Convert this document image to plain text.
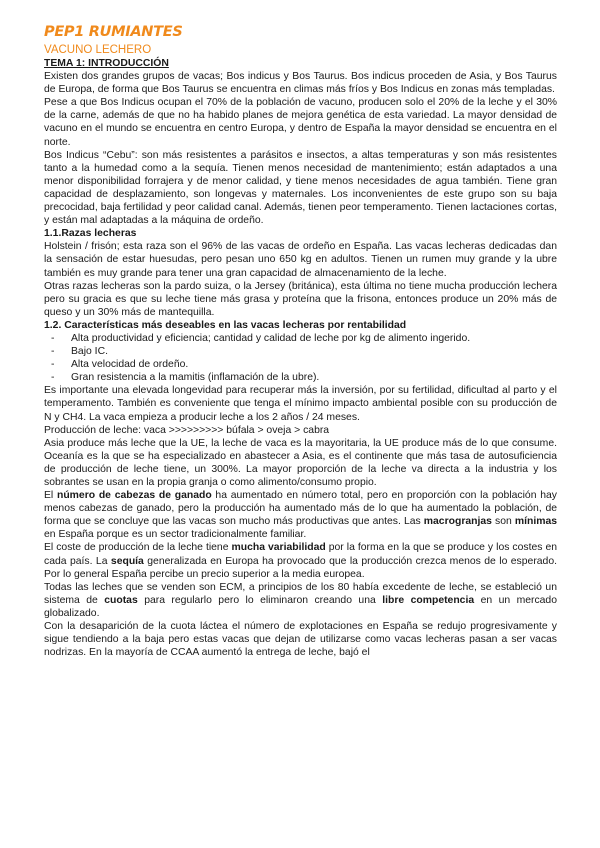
PEP1 RUMIANTES
VACUNO LECHERO
TEMA 1: INTRODUCCIÓN

Existen dos grandes grupos de vacas; Bos indicus y Bos Taurus. Bos indicus proceden de Asia, y Bos Taurus de Europa, de forma que Bos Taurus se encuentra en climas más fríos y Bos Indicus en zonas más templadas.

Pese a que Bos Indicus ocupan el 70% de la población de vacuno, producen solo el 20% de la leche y el 30% de la carne, además de que no ha habido planes de mejora genética de esta variedad. La mayor densidad de vacuno en el mundo se encuentra en centro Europa, y dentro de España la mayor densidad se encuentra en el norte.

Bos Indicus “Cebu”: son más resistentes a parásitos e insectos, a altas temperaturas y son más resistentes tanto a la humedad como a la sequía. Tienen menos necesidad de mantenimiento; están adaptados a una menor disponibilidad forrajera y de menor calidad, y tiene menos necesidades de agua también. Tiene gran capacidad de desplazamiento, son longevas y maternales. Los inconvenientes de este grupo son su baja precocidad, baja fertilidad y peor calidad canal. Además, tienen peor temperamento. Tienen lactaciones cortas, y están mal adaptadas a la máquina de ordeño.

1.1.Razas lecheras

Holstein / frisón; esta raza son el 96% de las vacas de ordeño en España. Las vacas lecheras dedicadas dan la sensación de estar huesudas, pero pesan uno 650 kg en adultos. Tienen un rumen muy grande y la ubre también es muy grande para tener una gran capacidad de almacenamiento de la leche.

Otras razas lecheras son la pardo suiza, o la Jersey (británica), esta última no tiene mucha producción lechera pero su gracia es que su leche tiene más grasa y proteína que la frisona, entonces produce un 20% más de queso y un 30% más de mantequilla.

1.2. Características más deseables en las vacas lecheras por rentabilidad
- Alta productividad y eficiencia; cantidad y calidad de leche por kg de alimento ingerido.
- Bajo IC.
- Alta velocidad de ordeño.
- Gran resistencia a la mamitis (inflamación de la ubre).

Es importante una elevada longevidad para recuperar más la inversión, por su fertilidad, dificultad al parto y el temperamento. También es conveniente que tenga el mínimo impacto ambiental posible con su producción de N y CH4. La vaca empieza a producir leche a los 2 años / 24 meses.

Producción de leche: vaca >>>>>>>>> búfala > oveja > cabra

Asia produce más leche que la UE, la leche de vaca es la mayoritaria, la UE produce más de lo que consume. Oceanía es la que se ha especializado en abastecer a Asia, es el continente que más tasa de autosuficiencia de producción de leche tiene, un 300%. La mayor proporción de la leche va directa a la industria y los sobrantes se usan en la propia granja o como alimento/consumo propio.

El número de cabezas de ganado ha aumentado en número total, pero en proporción con la población hay menos cabezas de ganado, pero la producción ha aumentado más de lo que ha aumentado la población, de forma que se concluye que las vacas son mucho más productivas que antes. Las macrogranjas son mínimas en España porque es un sector tradicionalmente familiar.

El coste de producción de la leche tiene mucha variabilidad por la forma en la que se produce y los costes en cada país. La sequía generalizada en Europa ha provocado que la producción crezca menos de lo esperado. Por lo general España percibe un precio superior a la media europea.

Todas las leches que se venden son ECM, a principios de los 80 había excedente de leche, se estableció un sistema de cuotas para regularlo pero lo eliminaron creando una libre competencia en un mercado globalizado.

Con la desaparición de la cuota láctea el número de explotaciones en España se redujo progresivamente y sigue tendiendo a la baja pero estas vacas que dejan de utilizarse como vacas lecheras pasan a ser vacas nodrizas. En la mayoría de CCAA aumentó la entrega de leche, bajó el
